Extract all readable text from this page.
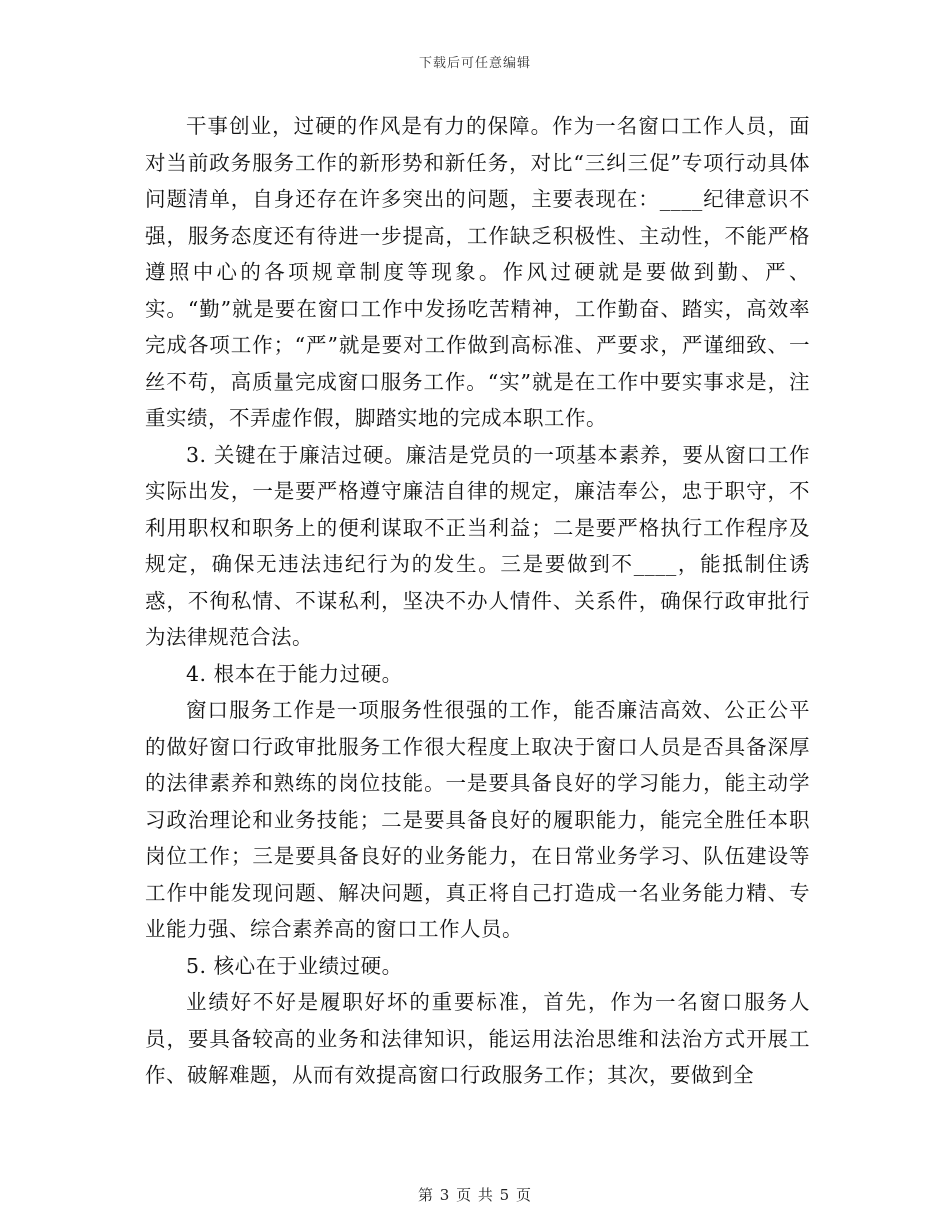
下载后可任意编辑

干事创业，过硬的作风是有力的保障。作为一名窗口工作人员，面对当前政务服务工作的新形势和新任务，对比“三纠三促”专项行动具体问题清单，自身还存在许多突出的问题，主要表现在：____纪律意识不强，服务态度还有待进一步提高，工作缺乏积极性、主动性，不能严格遵照中心的各项规章制度等现象。作风过硬就是要做到勤、严、实。“勤”就是要在窗口工作中发扬吃苦精神，工作勤奋、踏实，高效率完成各项工作；“严”就是要对工作做到高标准、严要求，严谨细致、一丝不苟，高质量完成窗口服务工作。“实”就是在工作中要实事求是，注重实绩，不弄虚作假，脚踏实地的完成本职工作。

3. 关键在于廉洁过硬。廉洁是党员的一项基本素养，要从窗口工作实际出发，一是要严格遵守廉洁自律的规定，廉洁奉公，忠于职守，不利用职权和职务上的便利谋取不正当利益；二是要严格执行工作程序及规定，确保无违法违纪行为的发生。三是要做到不____，能抵制住诱惑，不徇私情、不谋私利，坚决不办人情件、关系件，确保行政审批行为法律规范合法。

4. 根本在于能力过硬。

窗口服务工作是一项服务性很强的工作，能否廉洁高效、公正公平的做好窗口行政审批服务工作很大程度上取决于窗口人员是否具备深厚的法律素养和熟练的岗位技能。一是要具备良好的学习能力，能主动学习政治理论和业务技能；二是要具备良好的履职能力，能完全胜任本职岗位工作；三是要具备良好的业务能力，在日常业务学习、队伍建设等工作中能发现问题、解决问题，真正将自己打造成一名业务能力精、专业能力强、综合素养高的窗口工作人员。

5. 核心在于业绩过硬。

业绩好不好是履职好坏的重要标准，首先，作为一名窗口服务人员，要具备较高的业务和法律知识，能运用法治思维和法治方式开展工作、破解难题，从而有效提高窗口行政服务工作；其次，要做到全

第 3 页 共 5 页
